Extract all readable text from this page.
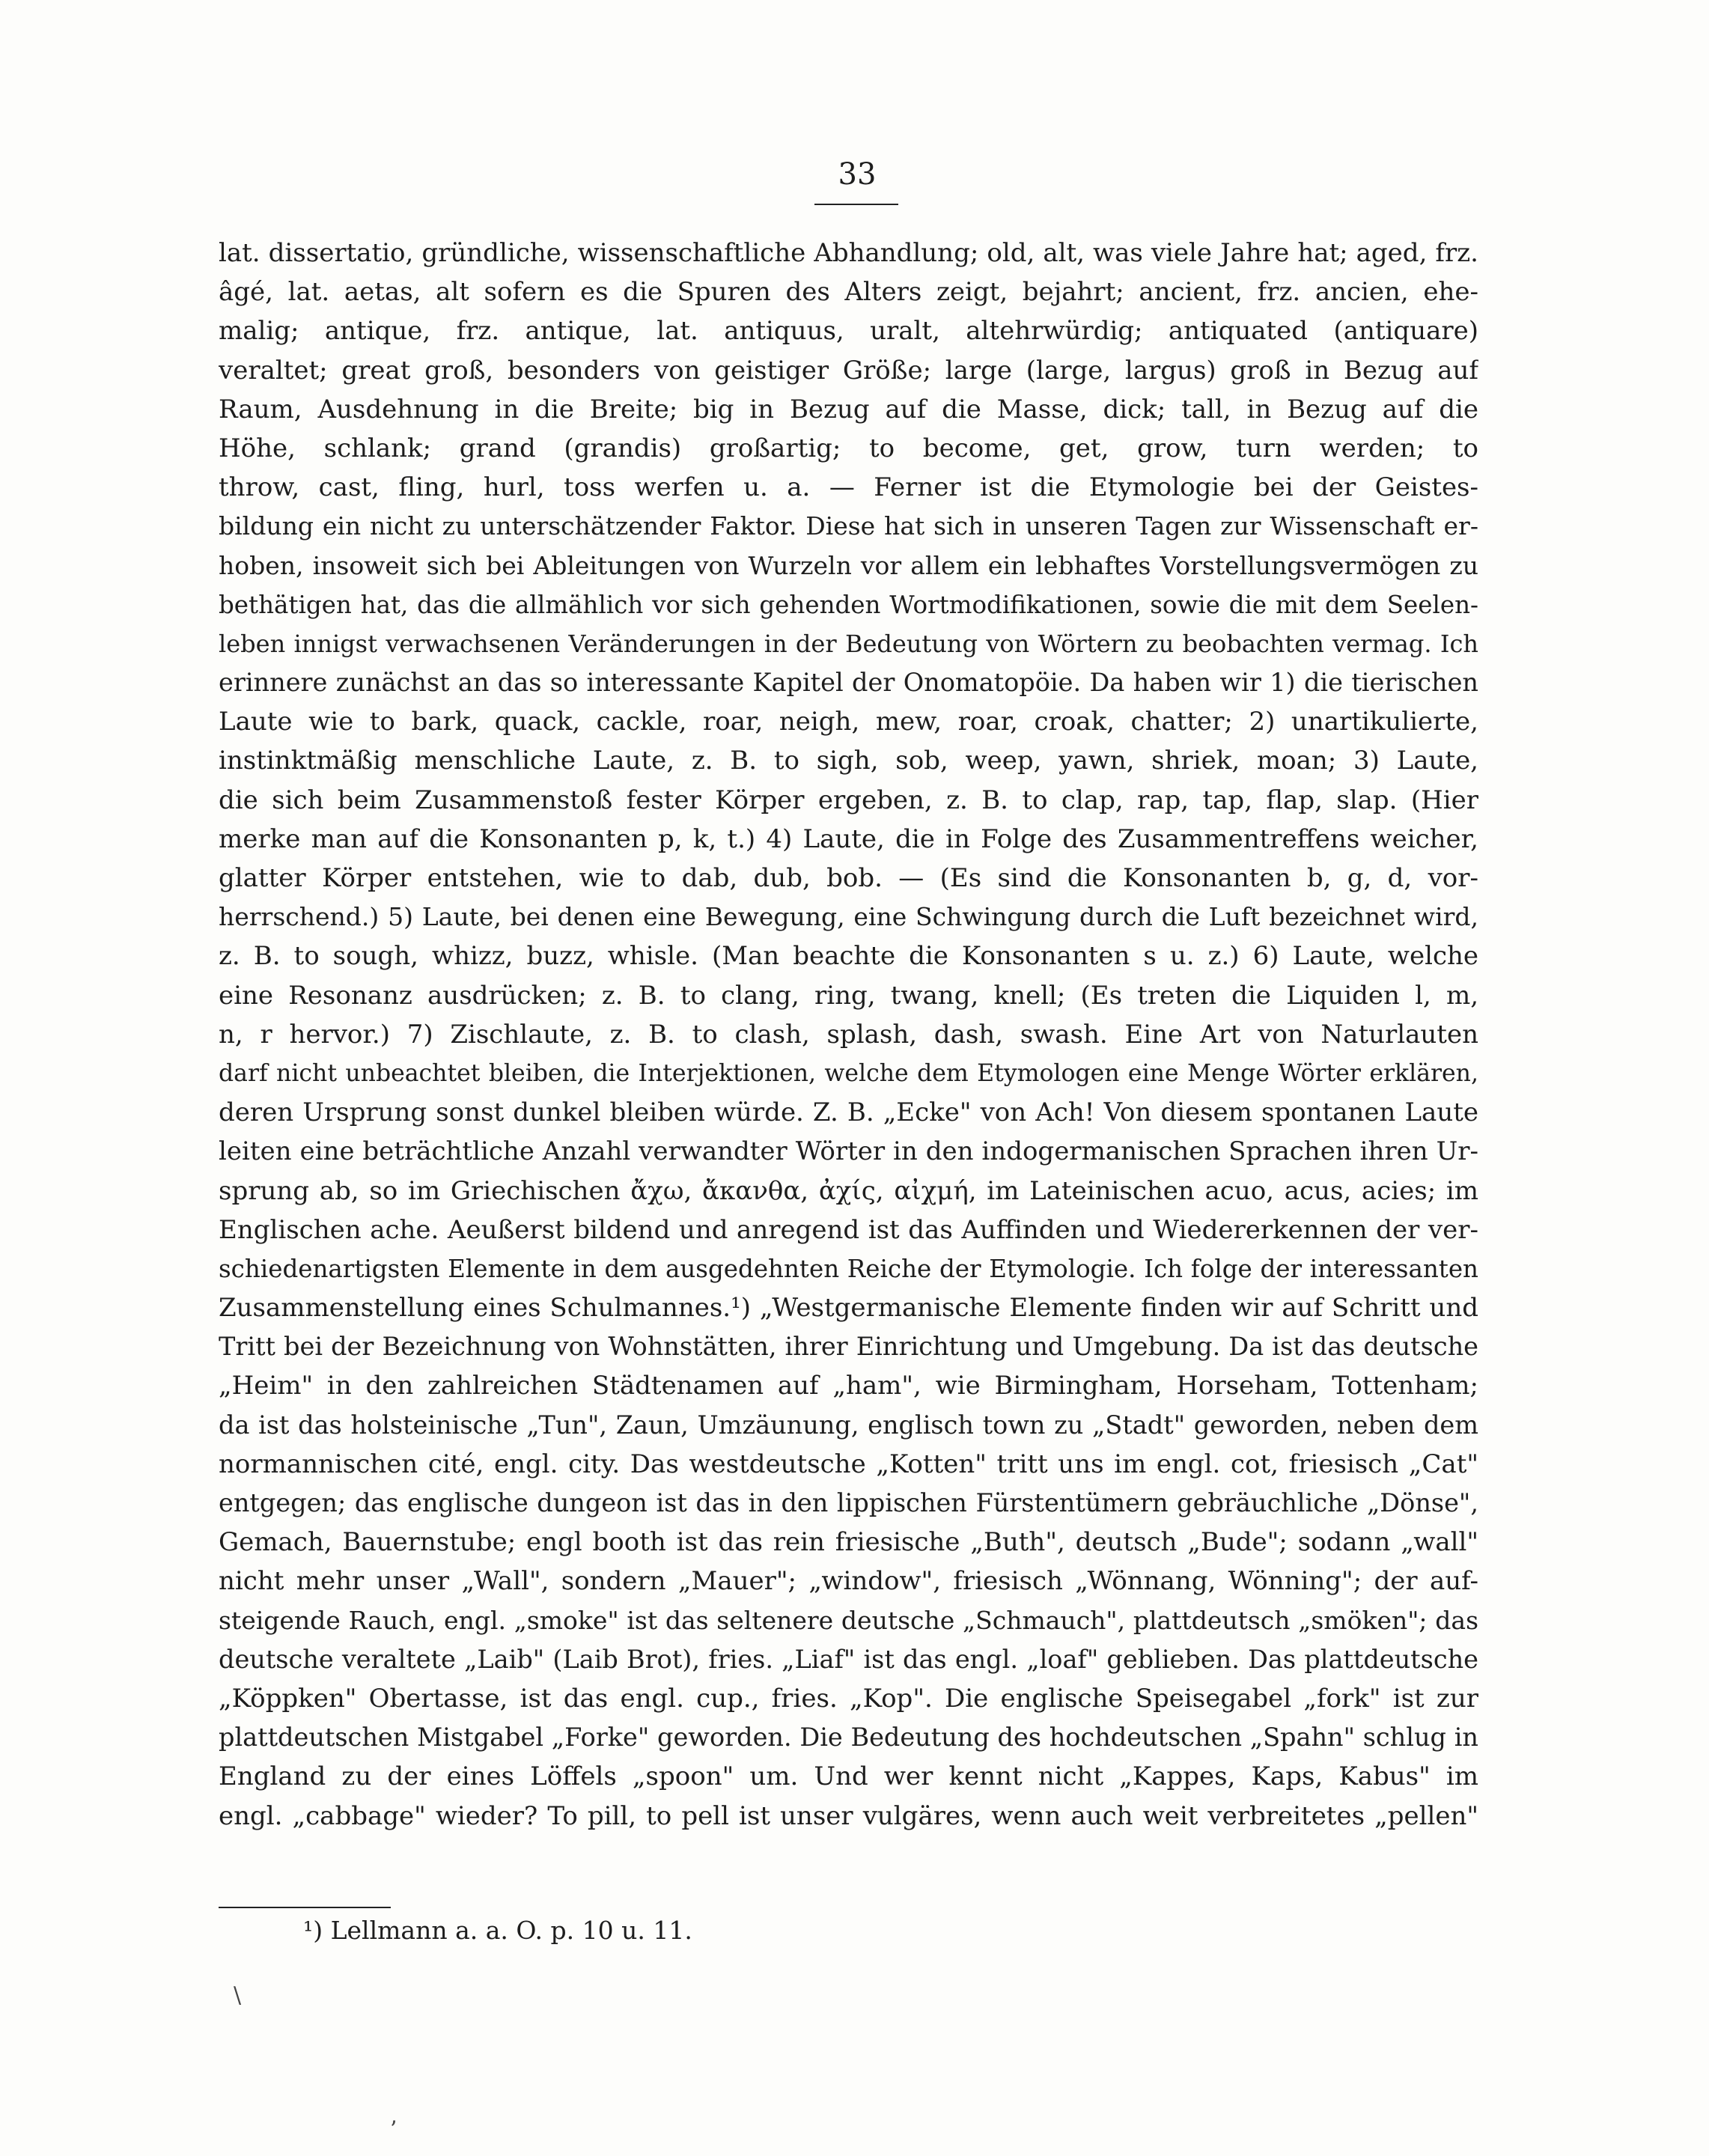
33
lat. dissertatio, gründliche, wissenschaftliche Abhandlung; old, alt, was viele Jahre hat; aged, frz.
âgé, lat. aetas, alt sofern es die Spuren des Alters zeigt, bejahrt; ancient, frz. ancien, ehe-
malig; antique, frz. antique, lat. antiquus, uralt, altehrwürdig; antiquated (antiquare)
veraltet; great groß, besonders von geistiger Größe; large (large, largus) groß in Bezug auf
Raum, Ausdehnung in die Breite; big in Bezug auf die Masse, dick; tall, in Bezug auf die
Höhe, schlank; grand (grandis) großartig; to become, get, grow, turn werden; to
throw, cast, fling, hurl, toss werfen u. a. — Ferner ist die Etymologie bei der Geistes-
bildung ein nicht zu unterschätzender Faktor. Diese hat sich in unseren Tagen zur Wissenschaft er-
hoben, insoweit sich bei Ableitungen von Wurzeln vor allem ein lebhaftes Vorstellungsvermögen zu
bethätigen hat, das die allmählich vor sich gehenden Wortmodifikationen, sowie die mit dem Seelen-
leben innigst verwachsenen Veränderungen in der Bedeutung von Wörtern zu beobachten vermag. Ich
erinnere zunächst an das so interessante Kapitel der Onomatopöie. Da haben wir 1) die tierischen
Laute wie to bark, quack, cackle, roar, neigh, mew, roar, croak, chatter; 2) unartikulierte,
instinktmäßig menschliche Laute, z. B. to sigh, sob, weep, yawn, shriek, moan; 3) Laute,
die sich beim Zusammenstoß fester Körper ergeben, z. B. to clap, rap, tap, flap, slap. (Hier
merke man auf die Konsonanten p, k, t.) 4) Laute, die in Folge des Zusammentreffens weicher,
glatter Körper entstehen, wie to dab, dub, bob. — (Es sind die Konsonanten b, g, d, vor-
herrschend.) 5) Laute, bei denen eine Bewegung, eine Schwingung durch die Luft bezeichnet wird,
z. B. to sough, whizz, buzz, whisle. (Man beachte die Konsonanten s u. z.) 6) Laute, welche
eine Resonanz ausdrücken; z. B. to clang, ring, twang, knell; (Es treten die Liquiden l, m,
n, r hervor.) 7) Zischlaute, z. B. to clash, splash, dash, swash. Eine Art von Naturlauten
darf nicht unbeachtet bleiben, die Interjektionen, welche dem Etymologen eine Menge Wörter erklären,
deren Ursprung sonst dunkel bleiben würde. Z. B. „Ecke" von Ach! Von diesem spontanen Laute
leiten eine beträchtliche Anzahl verwandter Wörter in den indogermanischen Sprachen ihren Ur-
sprung ab, so im Griechischen ἄχω, ἄκανθα, ἀχίς, αἰχμή, im Lateinischen acuo, acus, acies; im
Englischen ache. Aeußerst bildend und anregend ist das Auffinden und Wiedererkennen der ver-
schiedenartigsten Elemente in dem ausgedehnten Reiche der Etymologie. Ich folge der interessanten
Zusammenstellung eines Schulmannes.¹) „Westgermanische Elemente finden wir auf Schritt und
Tritt bei der Bezeichnung von Wohnstätten, ihrer Einrichtung und Umgebung. Da ist das deutsche
„Heim" in den zahlreichen Städtenamen auf „ham", wie Birmingham, Horseham, Tottenham;
da ist das holsteinische „Tun", Zaun, Umzäunung, englisch town zu „Stadt" geworden, neben dem
normannischen cité, engl. city. Das westdeutsche „Kotten" tritt uns im engl. cot, friesisch „Cat"
entgegen; das englische dungeon ist das in den lippischen Fürstentümern gebräuchliche „Dönse",
Gemach, Bauernstube; engl booth ist das rein friesische „Buth", deutsch „Bude"; sodann „wall"
nicht mehr unser „Wall", sondern „Mauer"; „window", friesisch „Wönnang, Wönning"; der auf-
steigende Rauch, engl. „smoke" ist das seltenere deutsche „Schmauch", plattdeutsch „smöken"; das
deutsche veraltete „Laib" (Laib Brot), fries. „Liaf" ist das engl. „loaf" geblieben. Das plattdeutsche
„Köppken" Obertasse, ist das engl. cup., fries. „Kop". Die englische Speisegabel „fork" ist zur
plattdeutschen Mistgabel „Forke" geworden. Die Bedeutung des hochdeutschen „Spahn" schlug in
England zu der eines Löffels „spoon" um. Und wer kennt nicht „Kappes, Kaps, Kabus" im
engl. „cabbage" wieder? To pill, to pell ist unser vulgäres, wenn auch weit verbreitetes „pellen"
¹) Lellmann a. a. O. p. 10 u. 11.
\
ʼ
